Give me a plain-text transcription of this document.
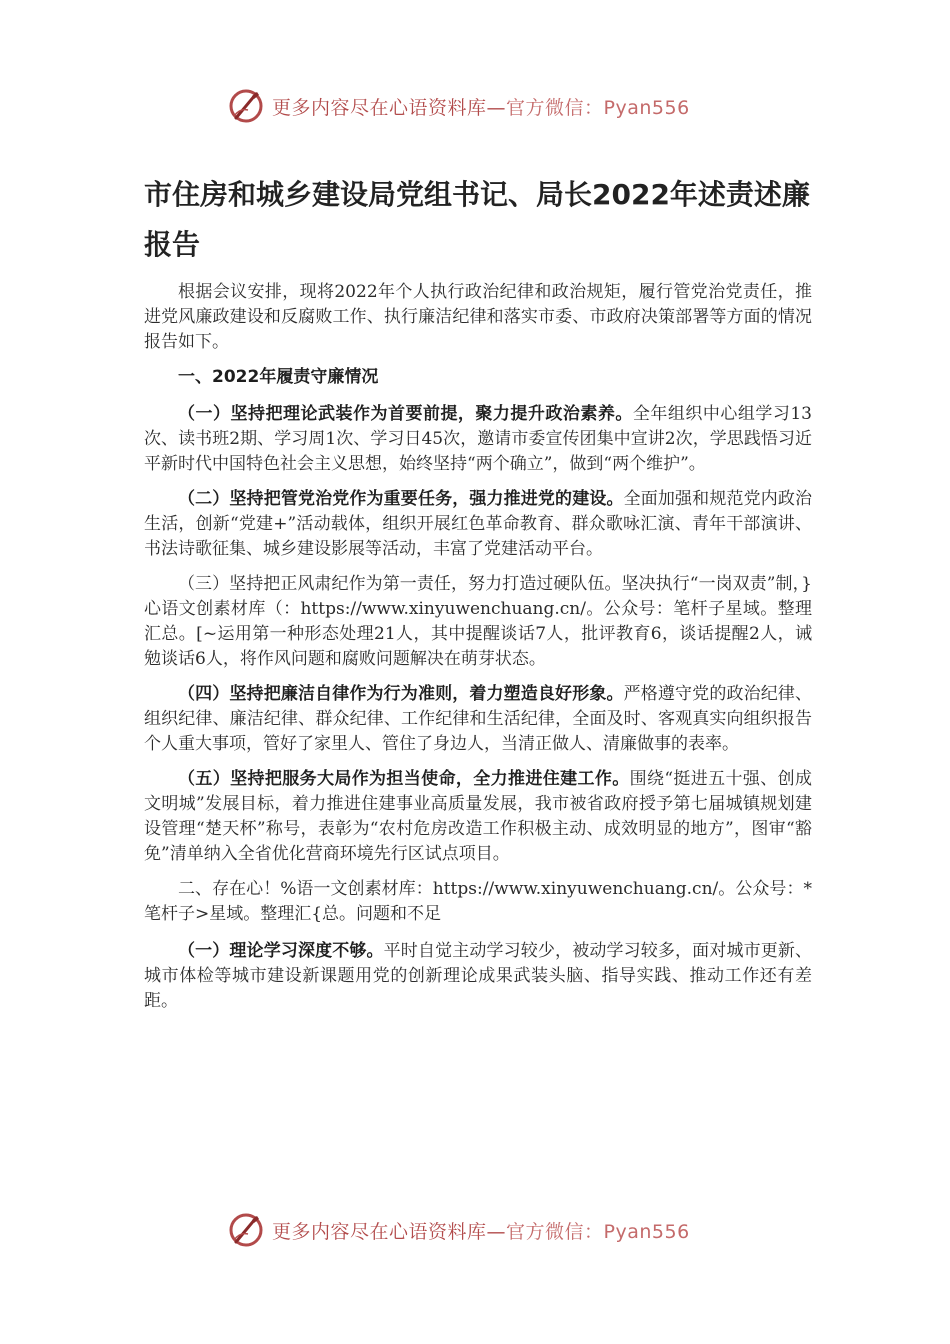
更多内容尽在心语资料库—官方微信：Pyan556
市住房和城乡建设局党组书记、局长2022年述责述廉报告

根据会议安排，现将2022年个人执行政治纪律和政治规矩，履行管党治党责任，推进党风廉政建设和反腐败工作、执行廉洁纪律和落实市委、市政府决策部署等方面的情况报告如下。

一、2022年履责守廉情况

（一）坚持把理论武装作为首要前提，聚力提升政治素养。全年组织中心组学习13次、读书班2期、学习周1次、学习日45次，邀请市委宣传团集中宣讲2次，学思践悟习近平新时代中国特色社会主义思想，始终坚持“两个确立”，做到“两个维护”。

（二）坚持把管党治党作为重要任务，强力推进党的建设。全面加强和规范党内政治生活，创新“党建+”活动载体，组织开展红色革命教育、群众歌咏汇演、青年干部演讲、书法诗歌征集、城乡建设影展等活动，丰富了党建活动平台。

（三）坚持把正风肃纪作为第一责任，努力打造过硬队伍。坚决执行“一岗双责”制，}心语文创素材库（：https://www.xinyuwenchuang.cn/。公众号：笔杆子星域。整理汇总。[~运用第一种形态处理21人，其中提醒谈话7人，批评教育6，谈话提醒2人，诫勉谈话6人，将作风问题和腐败问题解决在萌芽状态。

（四）坚持把廉洁自律作为行为准则，着力塑造良好形象。严格遵守党的政治纪律、组织纪律、廉洁纪律、群众纪律、工作纪律和生活纪律，全面及时、客观真实向组织报告个人重大事项，管好了家里人、管住了身边人，当清正做人、清廉做事的表率。

（五）坚持把服务大局作为担当使命，全力推进住建工作。围绕“挺进五十强、创成文明城”发展目标，着力推进住建事业高质量发展，我市被省政府授予第七届城镇规划建设管理“楚天杯”称号，表彰为“农村危房改造工作积极主动、成效明显的地方”，图审“豁免”清单纳入全省优化营商环境先行区试点项目。

二、存在心！%语一文创素材库：https://www.xinyuwenchuang.cn/。公众号：*笔杆子>星域。整理汇{总。问题和不足

（一）理论学习深度不够。平时自觉主动学习较少，被动学习较多，面对城市更新、城市体检等城市建设新课题用党的创新理论成果武装头脑、指导实践、推动工作还有差距。

更多内容尽在心语资料库—官方微信：Pyan556
